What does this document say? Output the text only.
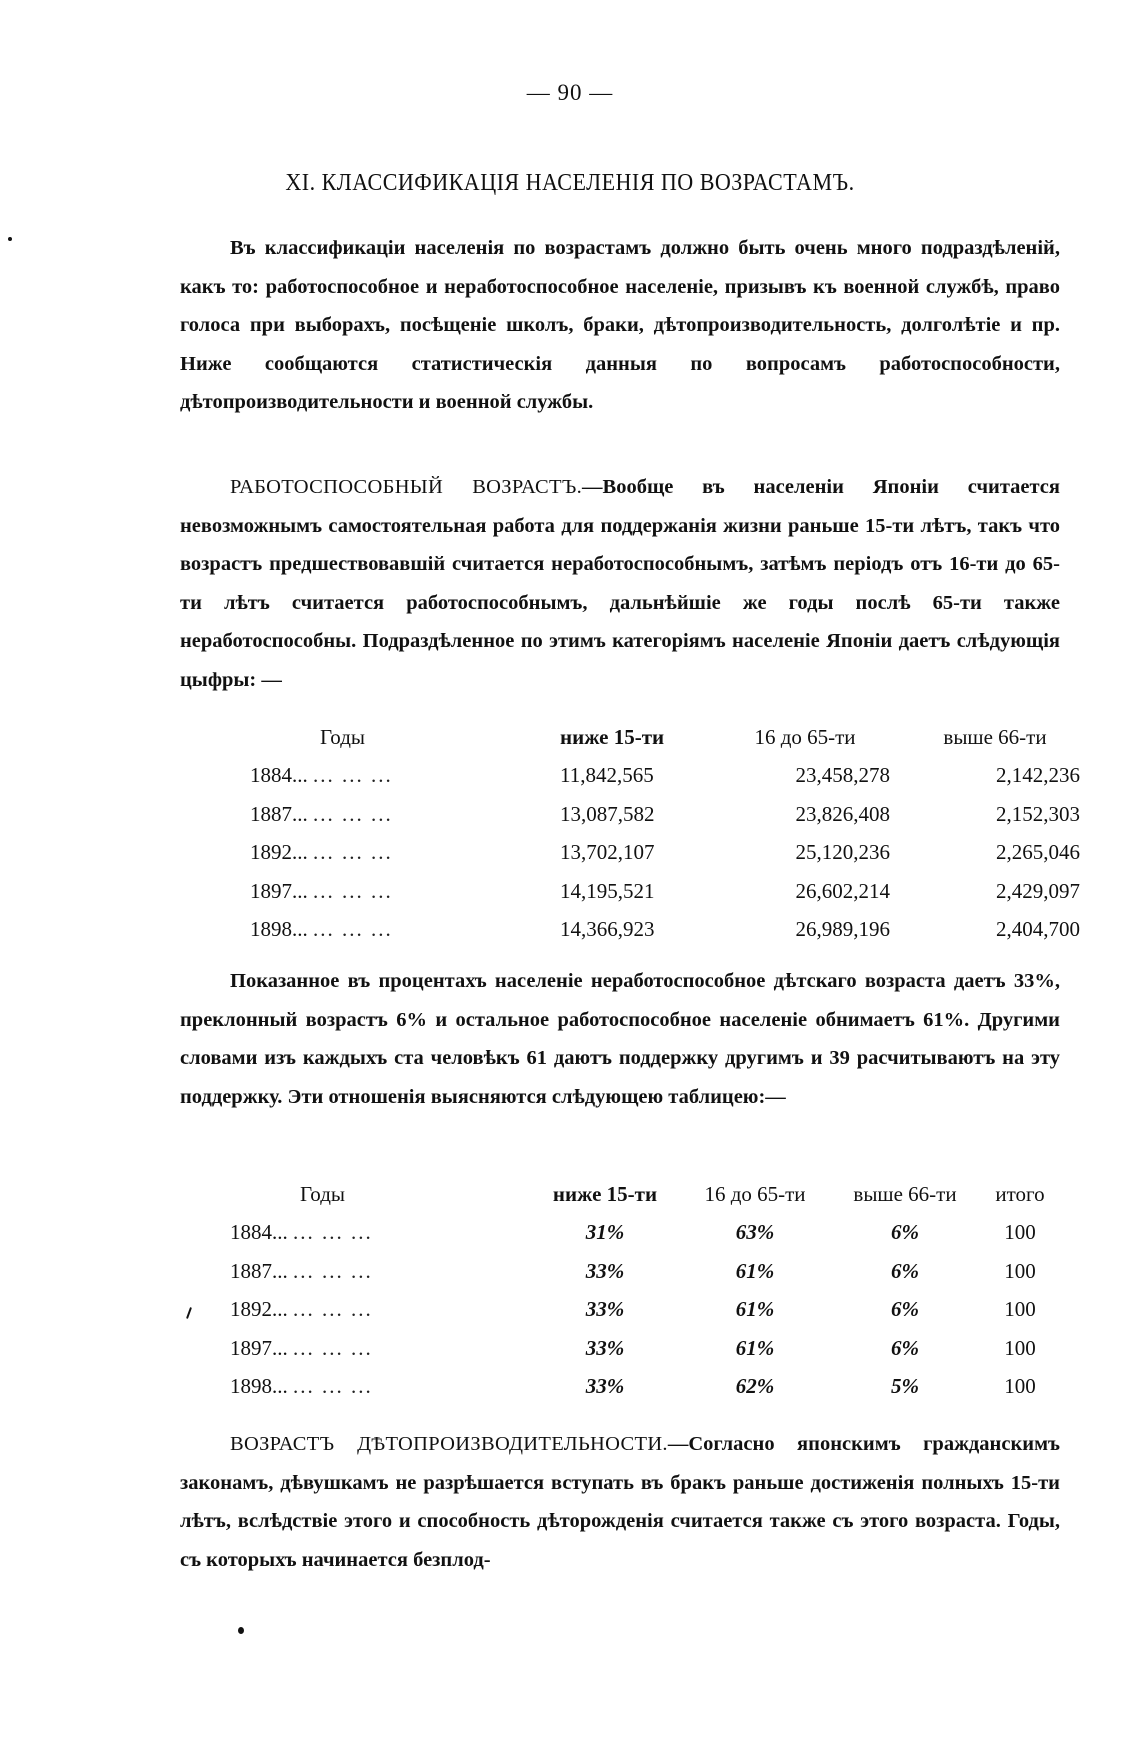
— 90 —
XI. КЛАССИФИКАЦІЯ НАСЕЛЕНІЯ ПО ВОЗРАСТАМЪ.
Въ классификаціи населенія по возрастамъ должно быть очень много подраздѣленій, какъ то: работоспособное и неработоспособное населеніе, призывъ къ военной службѣ, право голоса при выборахъ, посѣщеніе школъ, браки, дѣтопроизводительность, долголѣтіе и пр. Ниже сообщаются статистическія данныя по вопросамъ работоспособности, дѣтопроизводительности и военной службы.
РАБОТОСПОСОБНЫЙ ВОЗРАСТЪ.—Вообще въ населеніи Японіи считается невозможнымъ самостоятельная работа для поддержанія жизни раньше 15-ти лѣтъ, такъ что возрастъ предшествовавшій считается неработоспособнымъ, затѣмъ періодъ отъ 16-ти до 65-ти лѣтъ считается работоспособнымъ, дальнѣйшіе же годы послѣ 65-ти также неработоспособны. Подраздѣленное по этимъ категоріямъ населеніе Японіи даетъ слѣдующія цыфры: —
Годы	ниже 15-ти	16 до 65-ти	выше 66-ти
1884... ... ... ...	11,842,565	23,458,278	2,142,236
1887... ... ... ...	13,087,582	23,826,408	2,152,303
1892... ... ... ...	13,702,107	25,120,236	2,265,046
1897... ... ... ...	14,195,521	26,602,214	2,429,097
1898... ... ... ...	14,366,923	26,989,196	2,404,700
Показанное въ процентахъ населеніе неработоспособное дѣтскаго возраста даетъ 33%, преклонный возрастъ 6% и остальное работоспособное населеніе обнимаетъ 61%. Другими словами изъ каждыхъ ста человѣкъ 61 даютъ поддержку другимъ и 39 расчитываютъ на эту поддержку. Эти отношенія выясняются слѣдующею таблицею:—
Годы	ниже 15-ти	16 до 65-ти	выше 66-ти	итого
1884... ... ... ...	31%	63%	6%	100
1887... ... ... ...	33%	61%	6%	100
1892... ... ... ...	33%	61%	6%	100
1897... ... ... ...	33%	61%	6%	100
1898... ... ... ...	33%	62%	5%	100
ВОЗРАСТЪ ДѢТОПРОИЗВОДИТЕЛЬНОСТИ.—Согласно японскимъ гражданскимъ законамъ, дѣвушкамъ не разрѣшается вступать въ бракъ раньше достиженія полныхъ 15-ти лѣтъ, вслѣдствіе этого и способность дѣторожденія считается также съ этого возраста. Годы, съ которыхъ начинается безплод-
